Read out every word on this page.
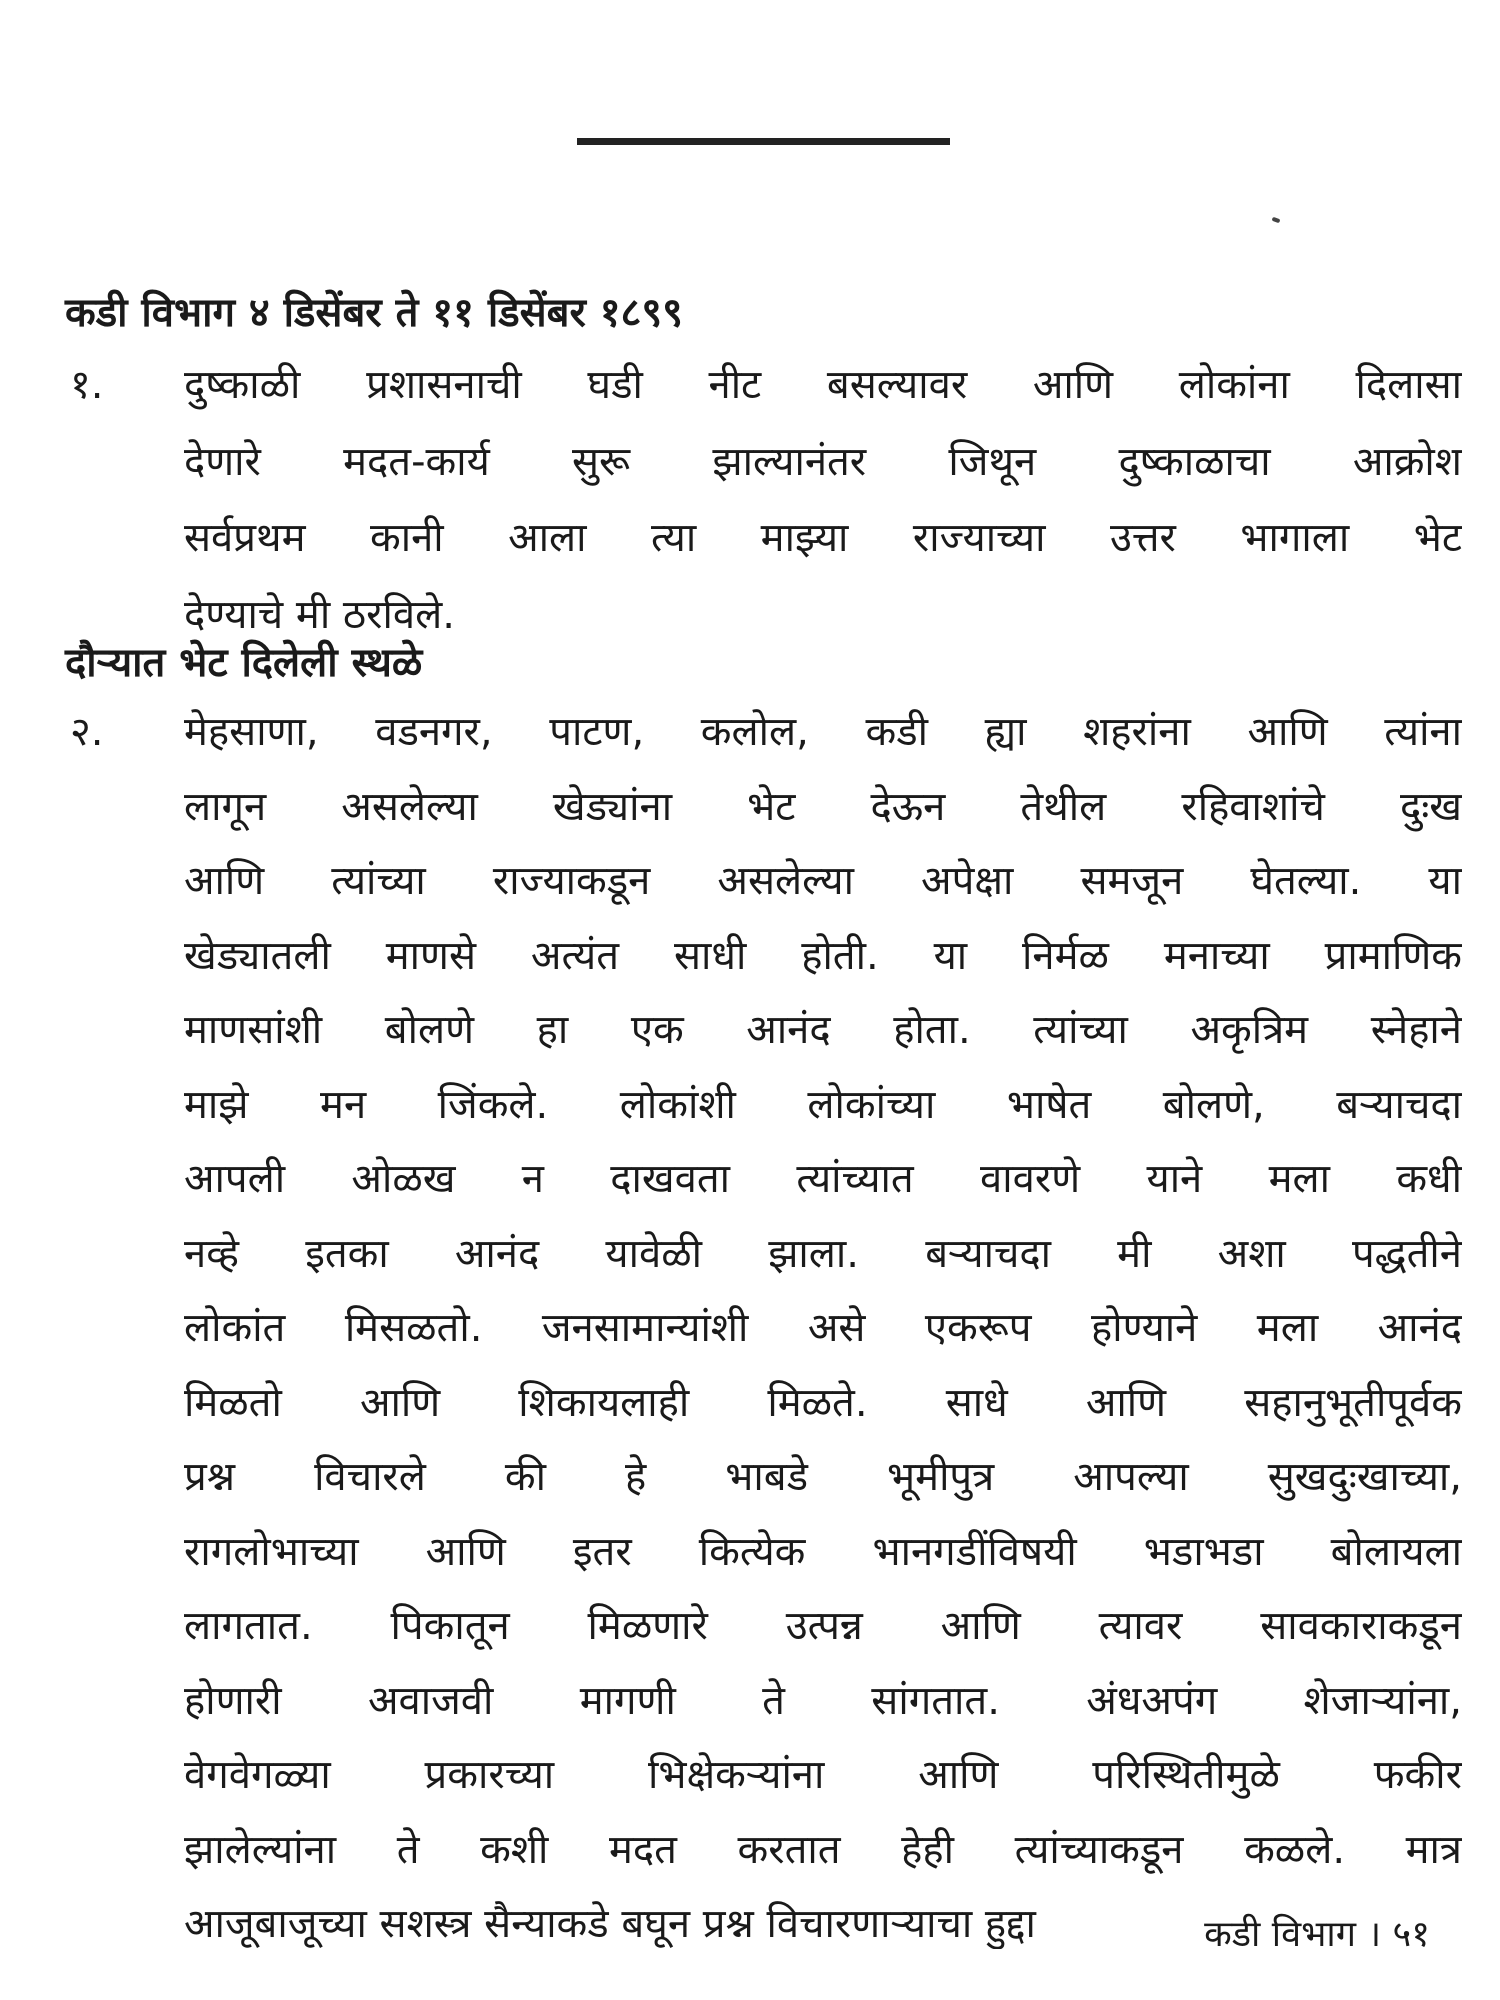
कडी विभाग ४ डिसेंबर ते ११ डिसेंबर १८९९
१. दुष्काळी प्रशासनाची घडी नीट बसल्यावर आणि लोकांना दिलासा
देणारे मदत-कार्य सुरू झाल्यानंतर जिथून दुष्काळाचा आक्रोश
सर्वप्रथम कानी आला त्या माझ्या राज्याच्या उत्तर भागाला भेट
देण्याचे मी ठरविले.
दौऱ्यात भेट दिलेली स्थळे
२. मेहसाणा, वडनगर, पाटण, कलोल, कडी ह्या शहरांना आणि त्यांना
लागून असलेल्या खेड्यांना भेट देऊन तेथील रहिवाशांचे दुःख
आणि त्यांच्या राज्याकडून असलेल्या अपेक्षा समजून घेतल्या. या
खेड्यातली माणसे अत्यंत साधी होती. या निर्मळ मनाच्या प्रामाणिक
माणसांशी बोलणे हा एक आनंद होता. त्यांच्या अकृत्रिम स्नेहाने
माझे मन जिंकले. लोकांशी लोकांच्या भाषेत बोलणे, बऱ्याचदा
आपली ओळख न दाखवता त्यांच्यात वावरणे याने मला कधी
नव्हे इतका आनंद यावेळी झाला. बऱ्याचदा मी अशा पद्धतीने
लोकांत मिसळतो. जनसामान्यांशी असे एकरूप होण्याने मला आनंद
मिळतो आणि शिकायलाही मिळते. साधे आणि सहानुभूतीपूर्वक
प्रश्न विचारले की हे भाबडे भूमीपुत्र आपल्या सुखदुःखाच्या,
रागलोभाच्या आणि इतर कित्येक भानगडींविषयी भडाभडा बोलायला
लागतात. पिकातून मिळणारे उत्पन्न आणि त्यावर सावकाराकडून
होणारी अवाजवी मागणी ते सांगतात. अंधअपंग शेजाऱ्यांना,
वेगवेगळ्या प्रकारच्या भिक्षेकऱ्यांना आणि परिस्थितीमुळे फकीर
झालेल्यांना ते कशी मदत करतात हेही त्यांच्याकडून कळले. मात्र
आजूबाजूच्या सशस्त्र सैन्याकडे बघून प्रश्न विचारणाऱ्याचा हुद्दा	कडी विभाग । ५१
